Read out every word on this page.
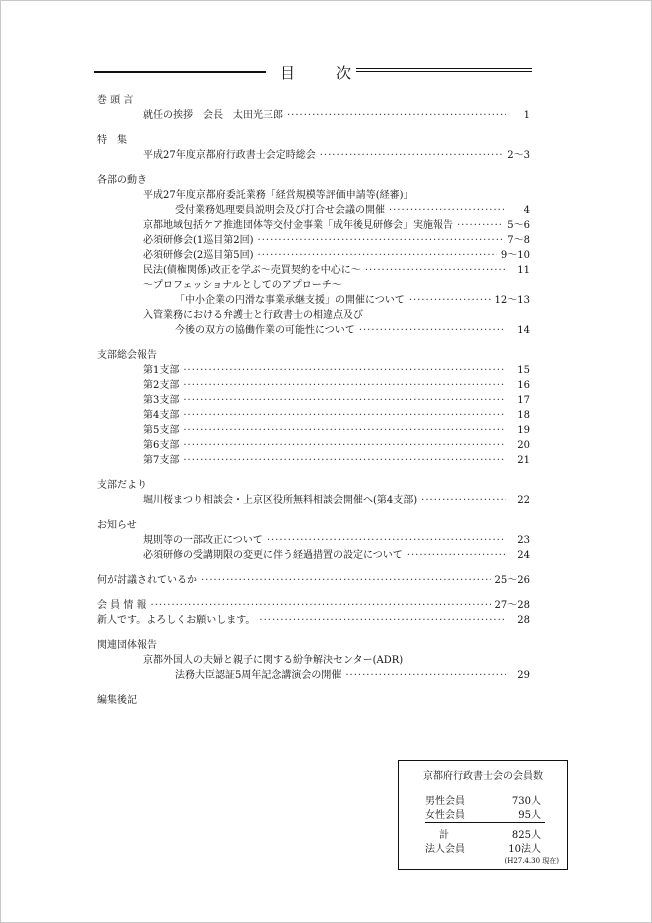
目	次
巻 頭 言
就任の挨拶　会長　太田光三郎 ·····	1
特　集
平成27年度京都府行政書士会定時総会 ·····	2〜3
各部の動き
平成27年度京都府委託業務「経営規模等評価申請等(経審)」
受付業務処理要員説明会及び打合せ会議の開催 ·····	4
京都地域包括ケア推進団体等交付金事業「成年後見研修会」実施報告 ·····	5〜6
必須研修会(1巡目第2回) ·····	7〜8
必須研修会(2巡目第5回) ·····	9〜10
民法(債権関係)改正を学ぶ〜売買契約を中心に〜 ·····	11
〜プロフェッショナルとしてのアプローチ〜
「中小企業の円滑な事業承継支援」の開催について ·····	12〜13
入管業務における弁護士と行政書士の相違点及び
今後の双方の協働作業の可能性について ·····	14
支部総会報告
第1支部 ·····	15
第2支部 ·····	16
第3支部 ·····	17
第4支部 ·····	18
第5支部 ·····	19
第6支部 ·····	20
第7支部 ·····	21
支部だより
堀川桜まつり相談会・上京区役所無料相談会開催へ(第4支部) ·····	22
お知らせ
規則等の一部改正について ·····	23
必須研修の受講期限の変更に伴う経過措置の設定について ·····	24
何が討議されているか ·····	25〜26
会 員 情 報 ·····	27〜28
新人です。よろしくお願いします。 ·····	28
関連団体報告
京都外国人の夫婦と親子に関する紛争解決センター(ADR)
法務大臣認証5周年記念講演会の開催 ·····	29
編集後記
京都府行政書士会の会員数
男性会員	730人
女性会員	95人
計	825人
法人会員	10法人
(H27.4.30 現在)
